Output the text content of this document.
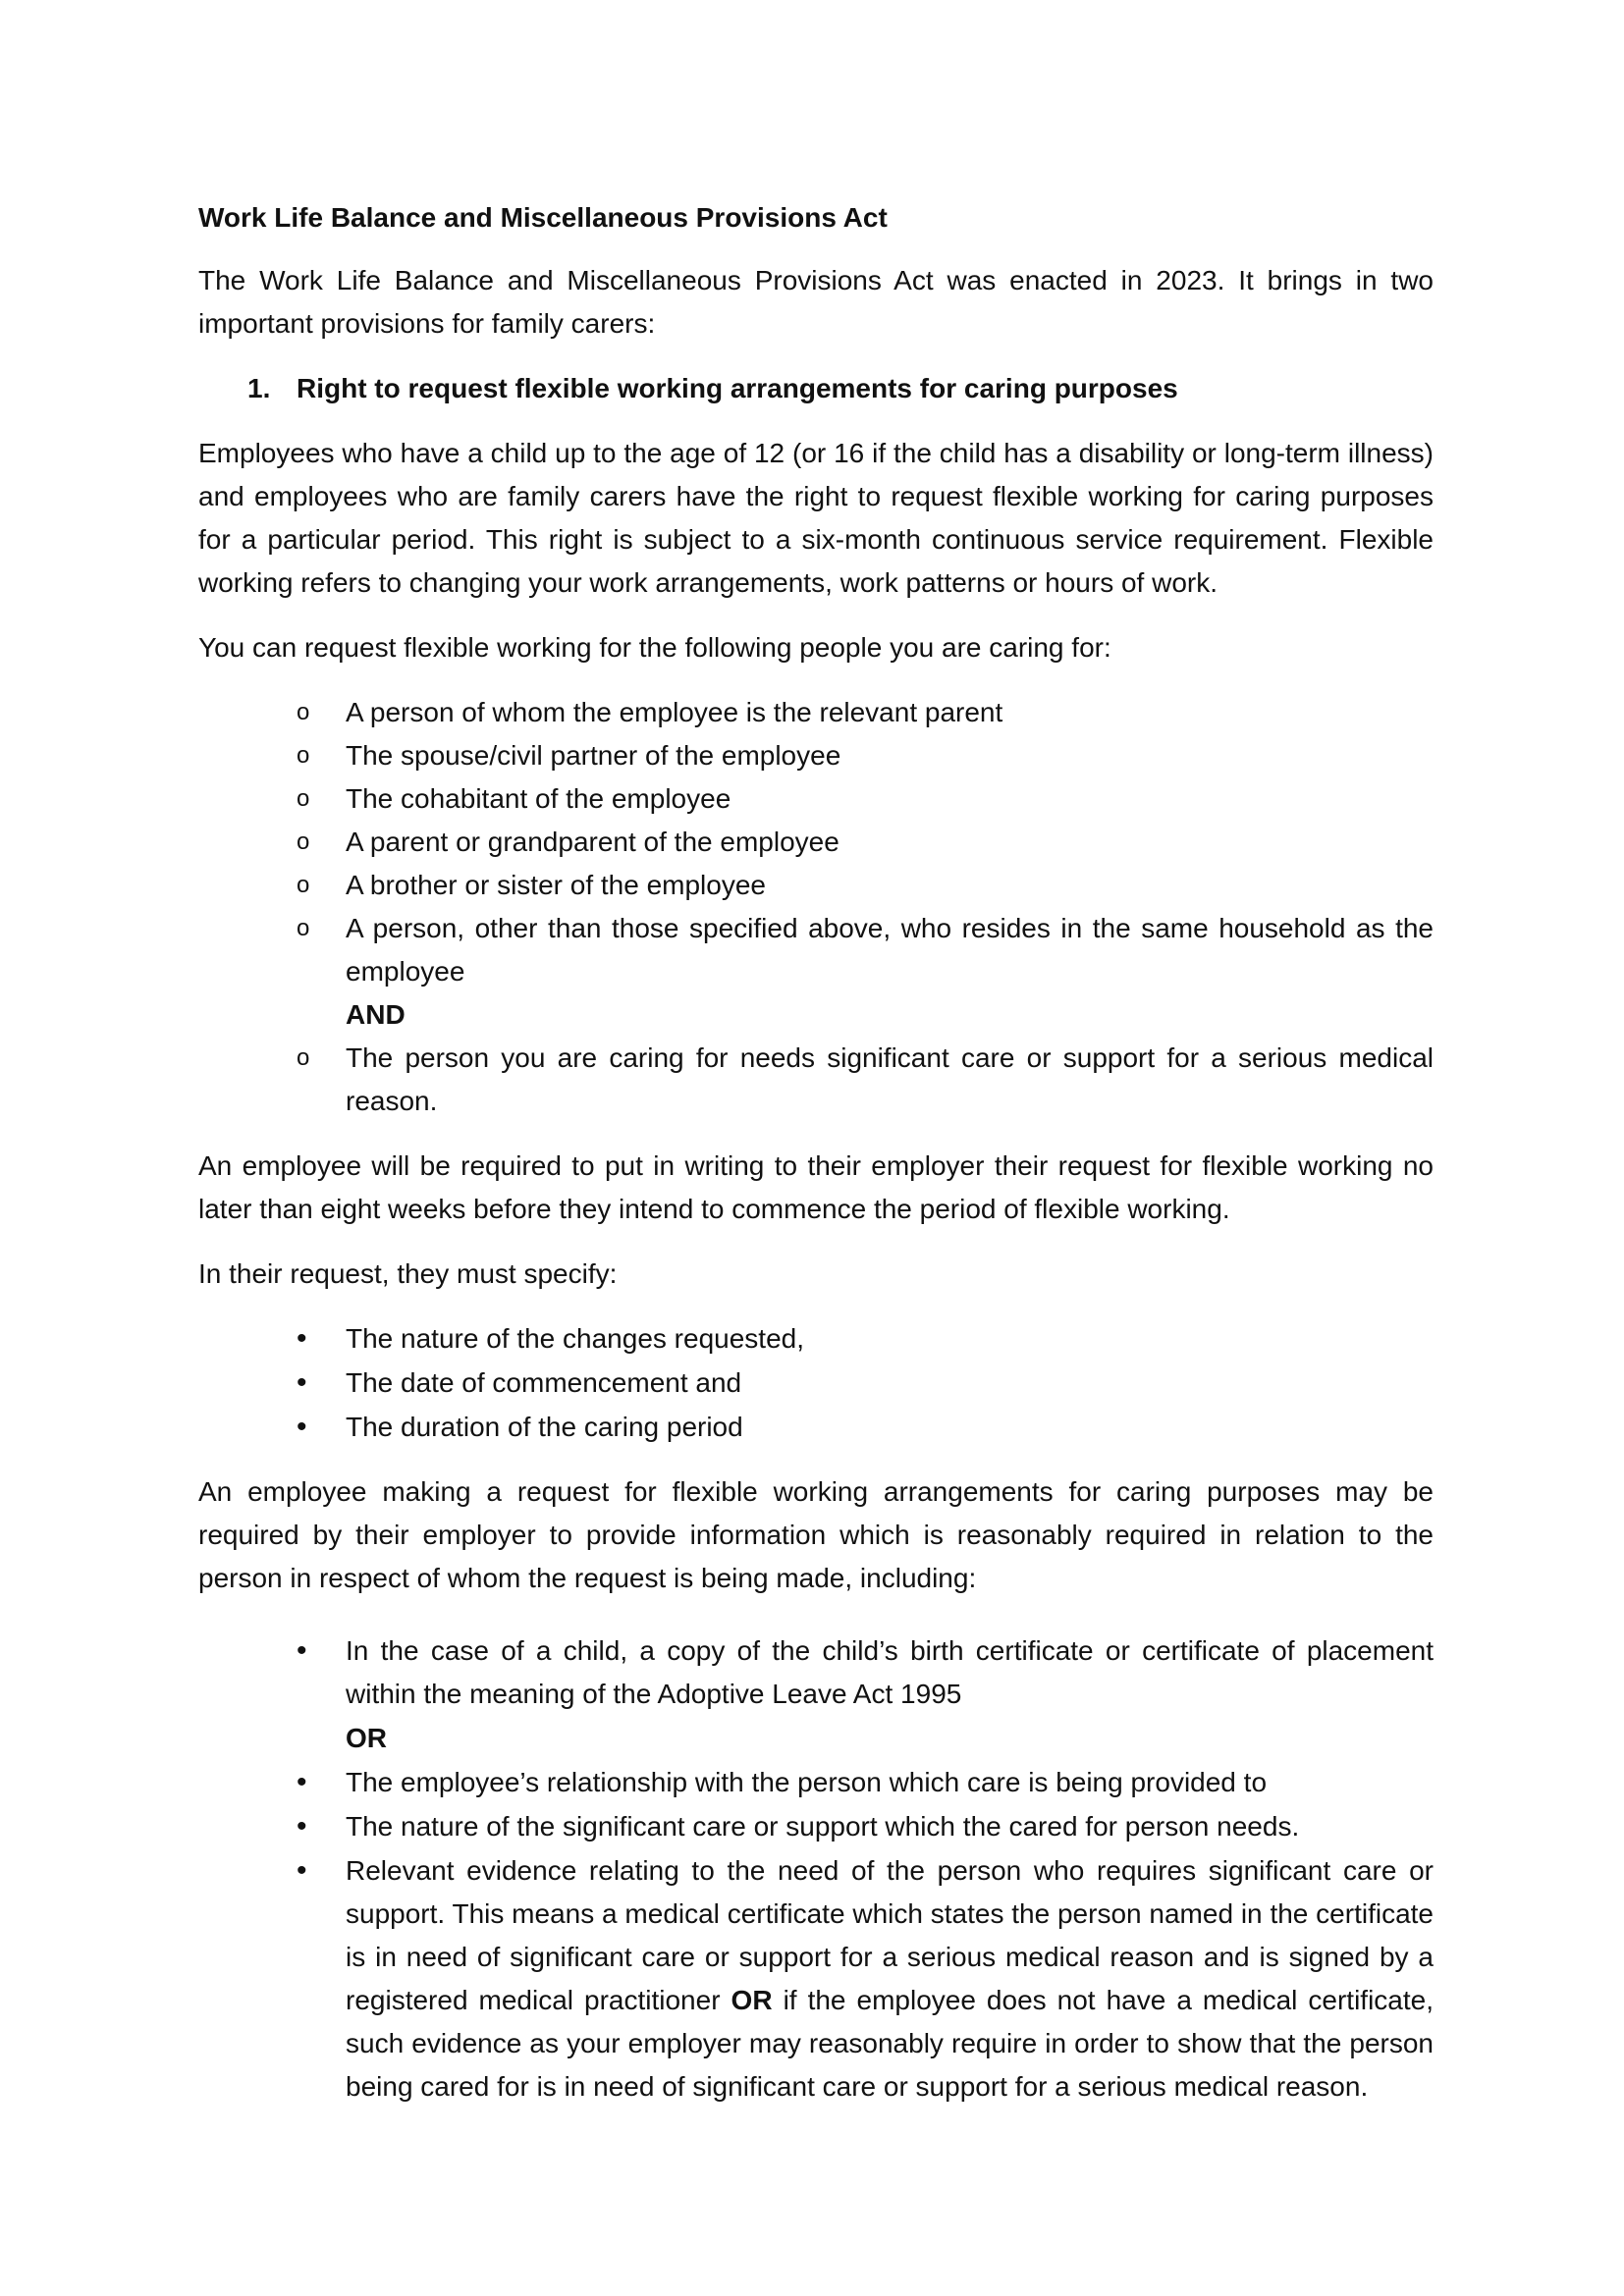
Work Life Balance and Miscellaneous Provisions Act

The Work Life Balance and Miscellaneous Provisions Act was enacted in 2023. It brings in two important provisions for family carers:

1. Right to request flexible working arrangements for caring purposes

Employees who have a child up to the age of 12 (or 16 if the child has a disability or long-term illness) and employees who are family carers have the right to request flexible working for caring purposes for a particular period. This right is subject to a six-month continuous service requirement. Flexible working refers to changing your work arrangements, work patterns or hours of work.

You can request flexible working for the following people you are caring for:

o	A person of whom the employee is the relevant parent
o	The spouse/civil partner of the employee
o	The cohabitant of the employee
o	A parent or grandparent of the employee
o	A brother or sister of the employee
o	A person, other than those specified above, who resides in the same household as the employee
AND
o	The person you are caring for needs significant care or support for a serious medical reason.

An employee will be required to put in writing to their employer their request for flexible working no later than eight weeks before they intend to commence the period of flexible working.

In their request, they must specify:

•	The nature of the changes requested,
•	The date of commencement and
•	The duration of the caring period

An employee making a request for flexible working arrangements for caring purposes may be required by their employer to provide information which is reasonably required in relation to the person in respect of whom the request is being made, including:

•	In the case of a child, a copy of the child’s birth certificate or certificate of placement within the meaning of the Adoptive Leave Act 1995
OR
•	The employee’s relationship with the person which care is being provided to
•	The nature of the significant care or support which the cared for person needs.
•	Relevant evidence relating to the need of the person who requires significant care or support. This means a medical certificate which states the person named in the certificate is in need of significant care or support for a serious medical reason and is signed by a registered medical practitioner OR if the employee does not have a medical certificate, such evidence as your employer may reasonably require in order to show that the person being cared for is in need of significant care or support for a serious medical reason.
